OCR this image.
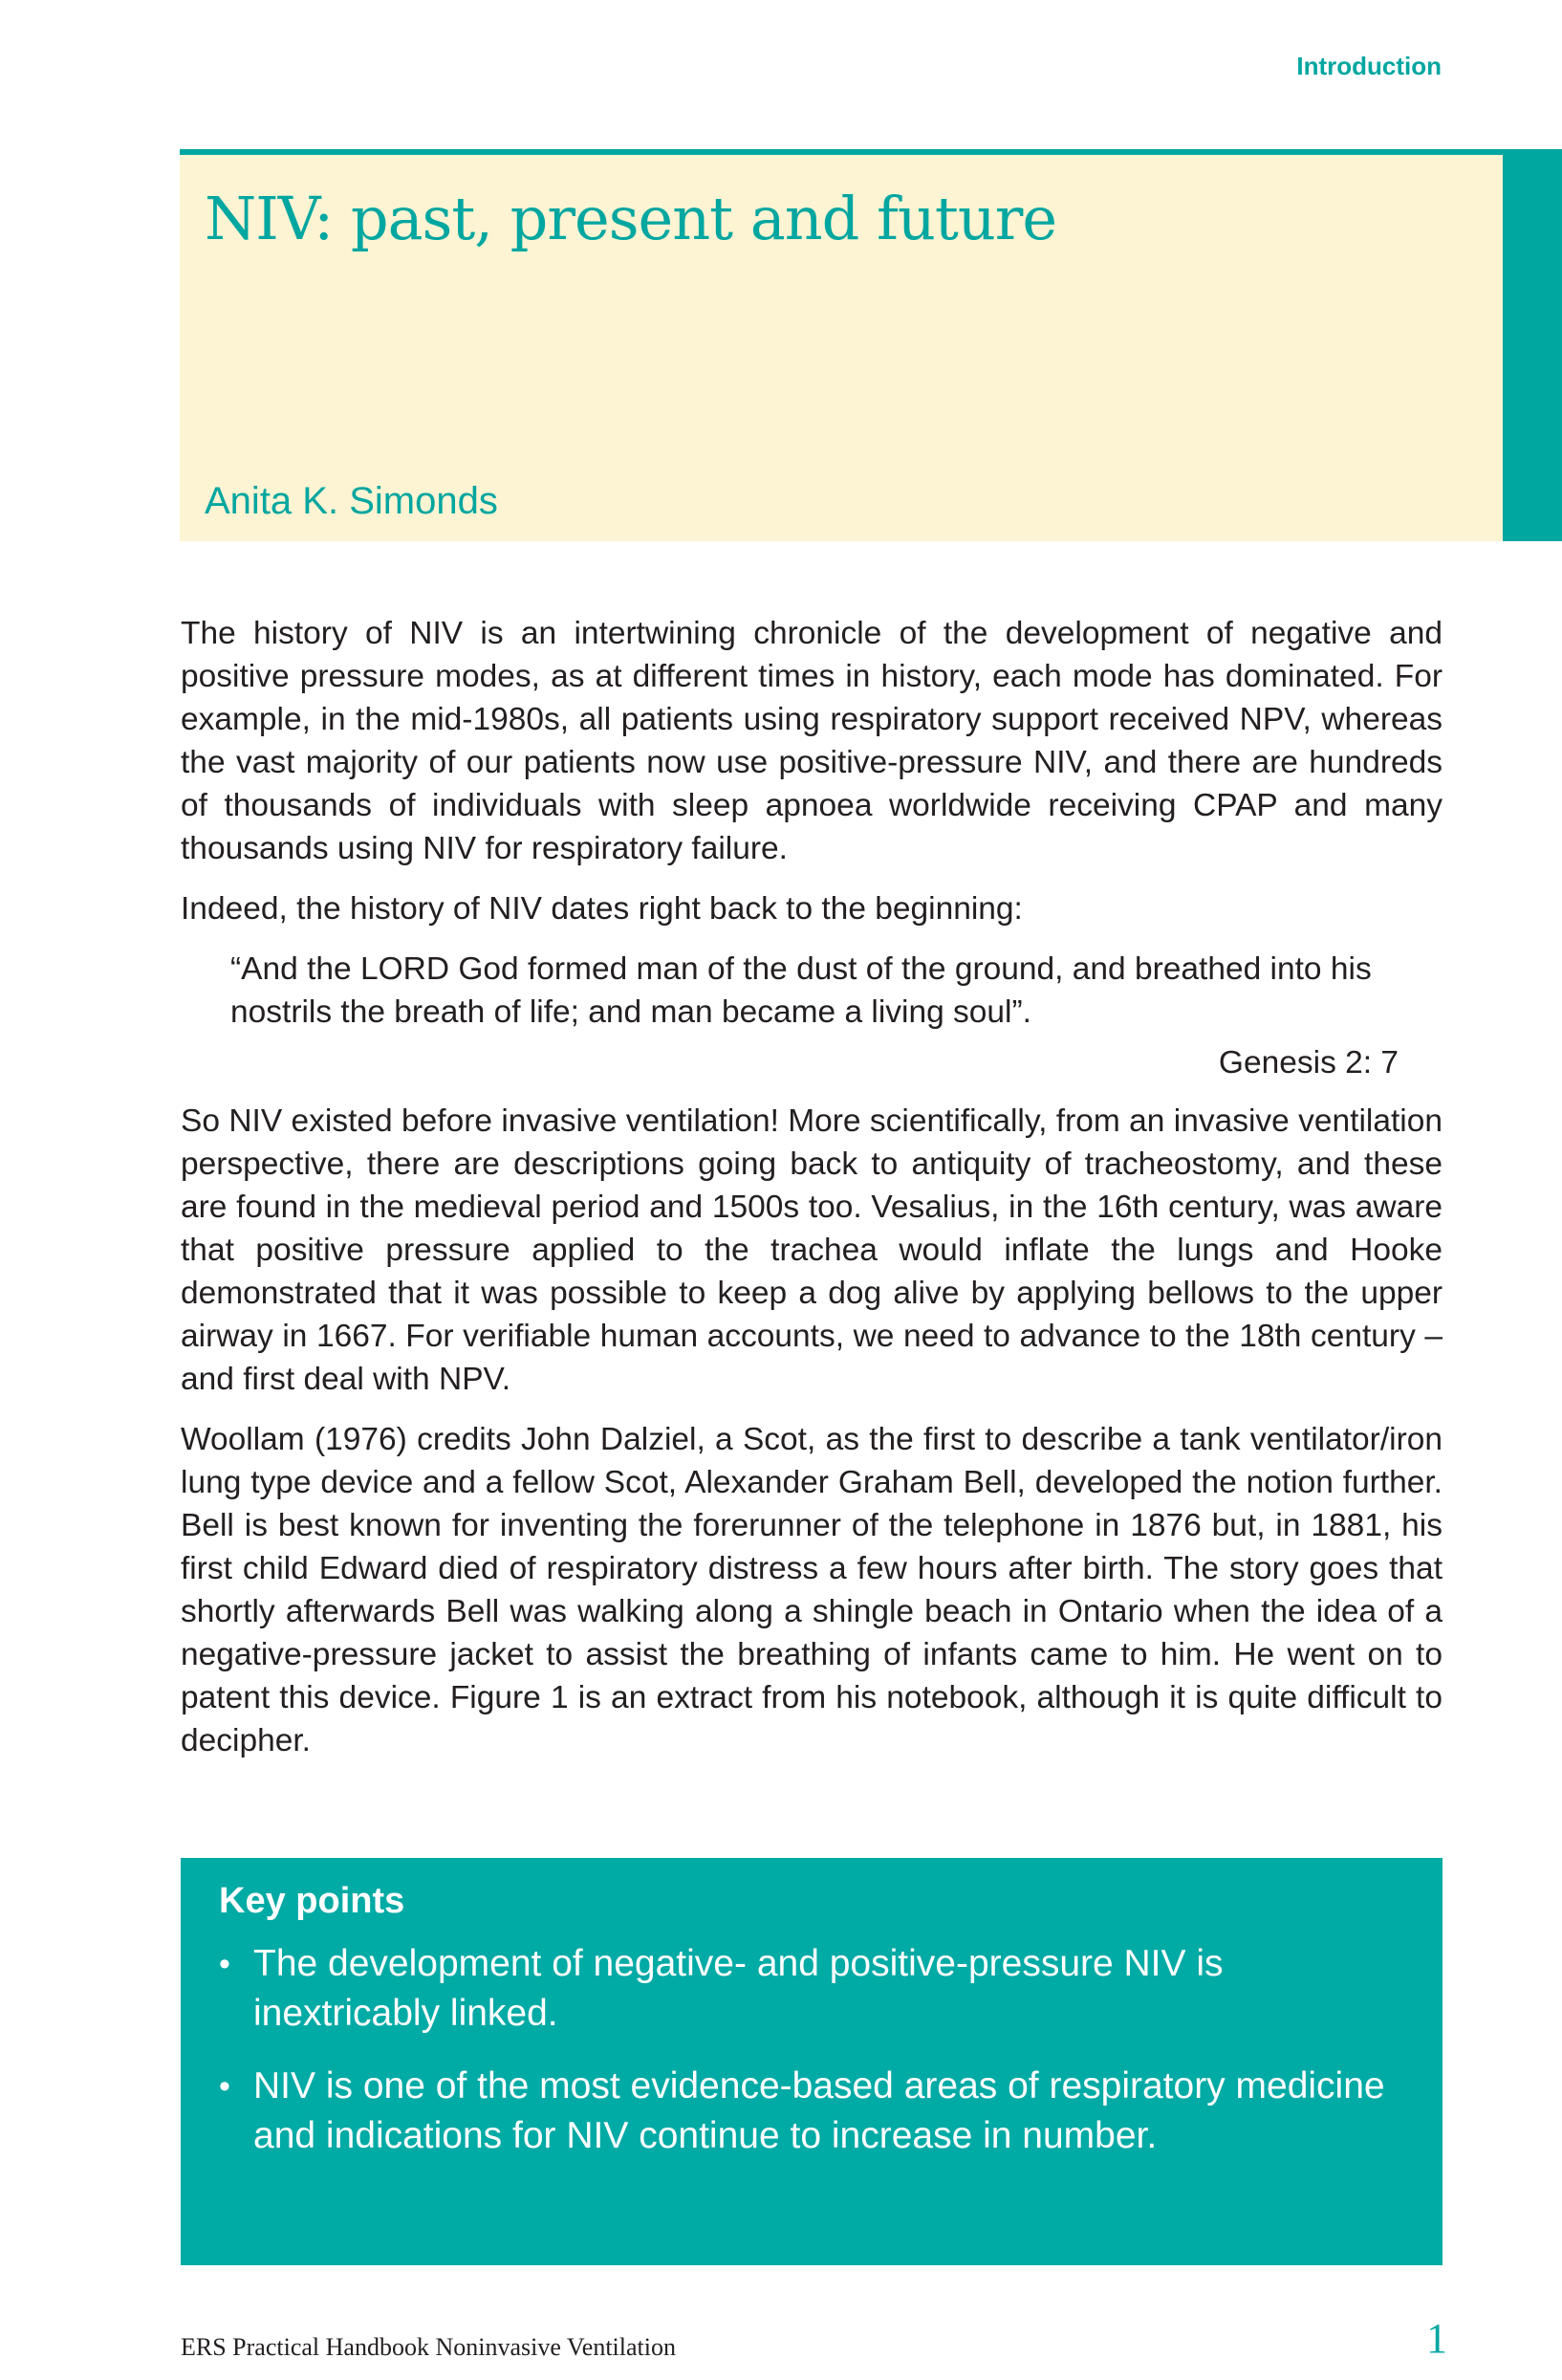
Introduction

NIV: past, present and future

Anita K. Simonds

The history of NIV is an intertwining chronicle of the development of negative and positive pressure modes, as at different times in history, each mode has dominated. For example, in the mid-1980s, all patients using respiratory support received NPV, whereas the vast majority of our patients now use positive-pressure NIV, and there are hundreds of thousands of individuals with sleep apnoea worldwide receiving CPAP and many thousands using NIV for respiratory failure.

Indeed, the history of NIV dates right back to the beginning:

“And the LORD God formed man of the dust of the ground, and breathed into his nostrils the breath of life; and man became a living soul”.

Genesis 2: 7

So NIV existed before invasive ventilation! More scientifically, from an invasive ventilation perspective, there are descriptions going back to antiquity of tracheostomy, and these are found in the medieval period and 1500s too. Vesalius, in the 16th century, was aware that positive pressure applied to the trachea would inflate the lungs and Hooke demonstrated that it was possible to keep a dog alive by applying bellows to the upper airway in 1667. For verifiable human accounts, we need to advance to the 18th century – and first deal with NPV.

Woollam (1976) credits John Dalziel, a Scot, as the first to describe a tank ventilator/iron lung type device and a fellow Scot, Alexander Graham Bell, developed the notion further. Bell is best known for inventing the forerunner of the telephone in 1876 but, in 1881, his first child Edward died of respiratory distress a few hours after birth. The story goes that shortly afterwards Bell was walking along a shingle beach in Ontario when the idea of a negative-pressure jacket to assist the breathing of infants came to him. He went on to patent this device. Figure 1 is an extract from his notebook, although it is quite difficult to decipher.

Key points
• The development of negative- and positive-pressure NIV is inextricably linked.
• NIV is one of the most evidence-based areas of respiratory medicine and indications for NIV continue to increase in number.

ERS Practical Handbook Noninvasive Ventilation	1
